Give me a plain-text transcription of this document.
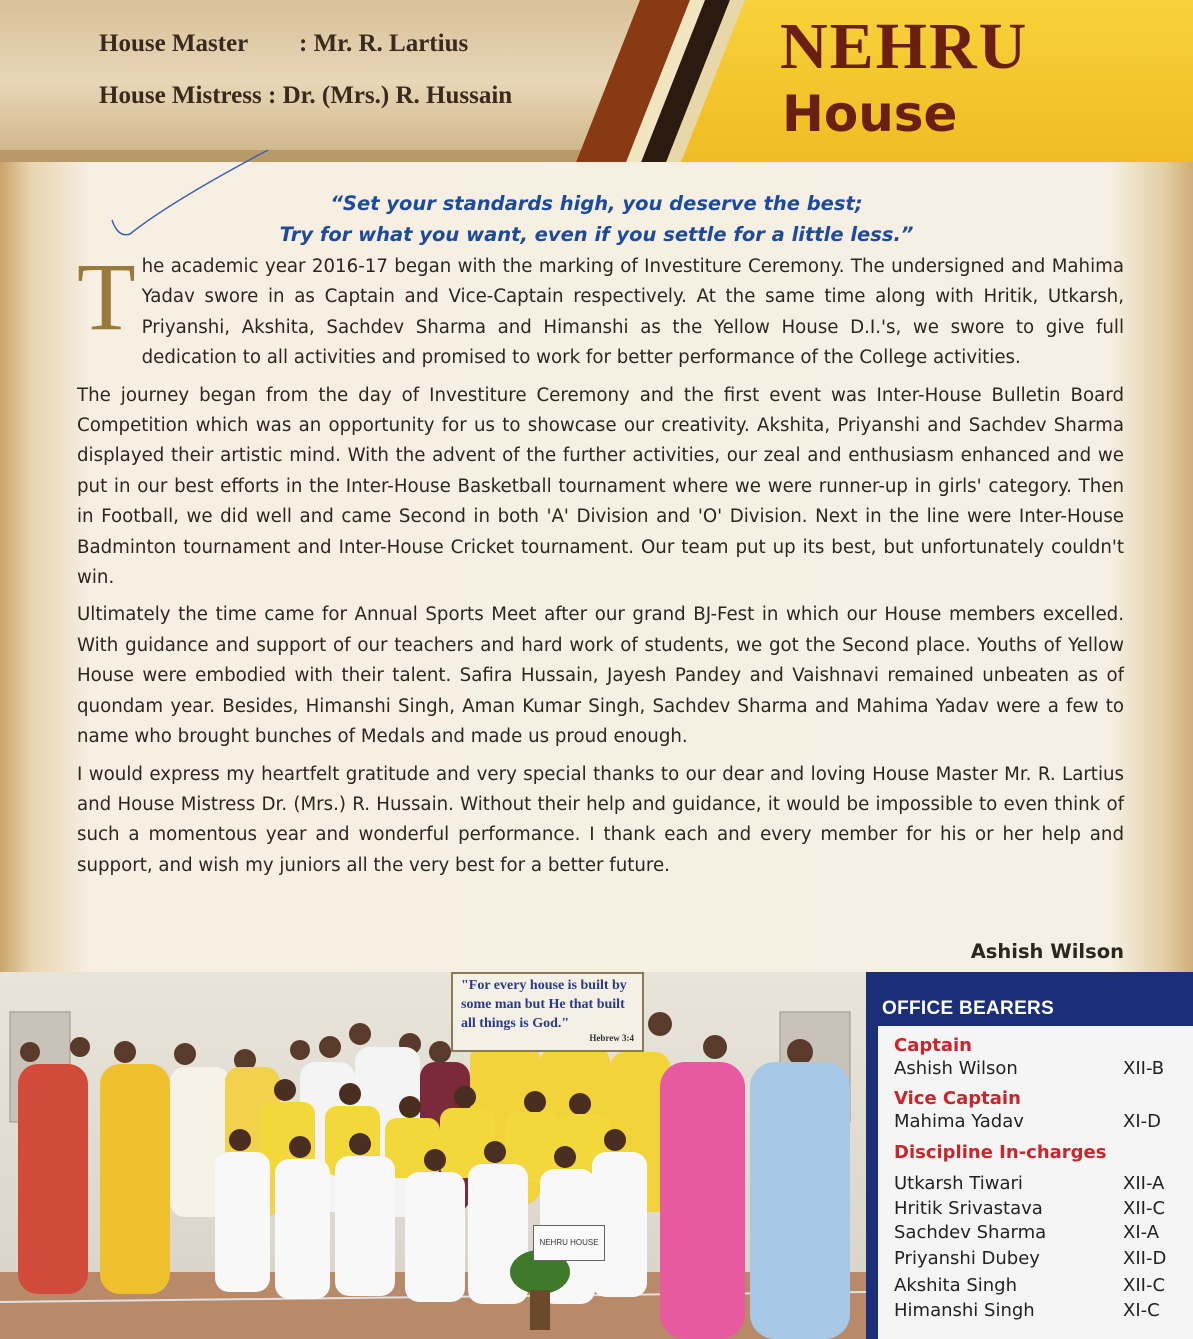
House Master : Mr. R. Lartius
House Mistress : Dr. (Mrs.) R. Hussain
NEHRU
House
“Set your standards high, you deserve the best;
Try for what you want, even if you settle for a little less.”

The academic year 2016-17 began with the marking of Investiture Ceremony. The undersigned and Mahima Yadav swore in as Captain and Vice-Captain respectively. At the same time along with Hritik, Utkarsh, Priyanshi, Akshita, Sachdev Sharma and Himanshi as the Yellow House D.I.'s, we swore to give full dedication to all activities and promised to work for better performance of the College activities.

The journey began from the day of Investiture Ceremony and the first event was Inter-House Bulletin Board Competition which was an opportunity for us to showcase our creativity. Akshita, Priyanshi and Sachdev Sharma displayed their artistic mind. With the advent of the further activities, our zeal and enthusiasm enhanced and we put in our best efforts in the Inter-House Basketball tournament where we were runner-up in girls' category. Then in Football, we did well and came Second in both 'A' Division and 'O' Division. Next in the line were Inter-House Badminton tournament and Inter-House Cricket tournament. Our team put up its best, but unfortunately couldn't win.

Ultimately the time came for Annual Sports Meet after our grand BJ-Fest in which our House members excelled. With guidance and support of our teachers and hard work of students, we got the Second place. Youths of Yellow House were embodied with their talent. Safira Hussain, Jayesh Pandey and Vaishnavi remained unbeaten as of quondam year. Besides, Himanshi Singh, Aman Kumar Singh, Sachdev Sharma and Mahima Yadav were a few to name who brought bunches of Medals and made us proud enough.

I would express my heartfelt gratitude and very special thanks to our dear and loving House Master Mr. R. Lartius and House Mistress Dr. (Mrs.) R. Hussain. Without their help and guidance, it would be impossible to even think of such a momentous year and wonderful performance. I thank each and every member for his or her help and support, and wish my juniors all the very best for a better future.

Ashish Wilson
"For every house is built by some man but He that built all things is God."
Hebrew 3:4
NEHRU HOUSE
OFFICE BEARERS
Captain
Ashish Wilson	XII-B
Vice Captain
Mahima Yadav	XI-D
Discipline In-charges
Utkarsh Tiwari	XII-A
Hritik Srivastava	XII-C
Sachdev Sharma	XI-A
Priyanshi Dubey	XII-D
Akshita Singh	XII-C
Himanshi Singh	XI-C
